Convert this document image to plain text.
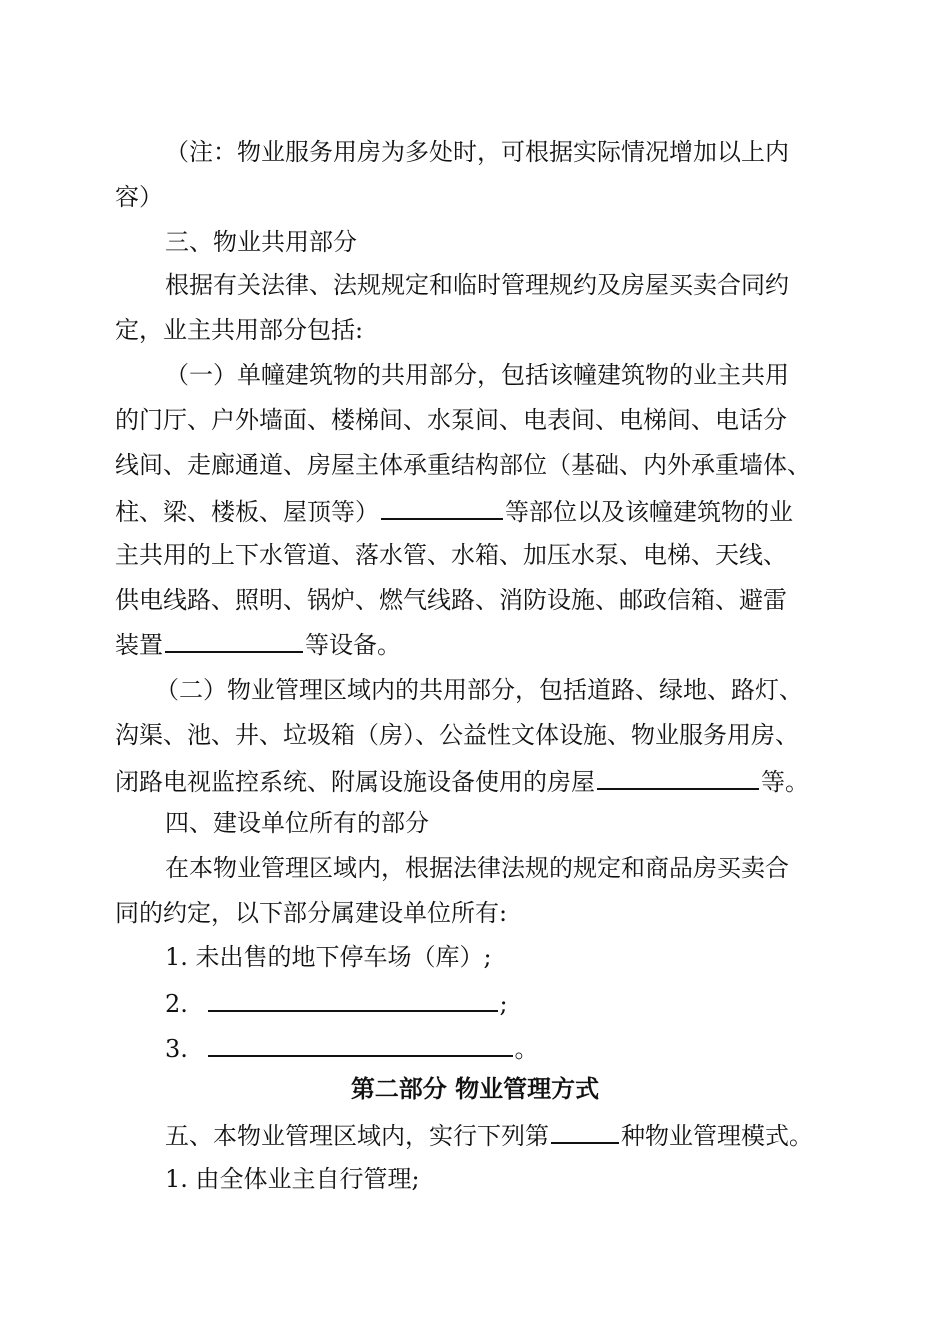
（注：物业服务用房为多处时，可根据实际情况增加以上内
容）
三、物业共用部分
根据有关法律、法规规定和临时管理规约及房屋买卖合同约
定，业主共用部分包括:
（一）单幢建筑物的共用部分，包括该幢建筑物的业主共用
的门厅、户外墙面、楼梯间、水泵间、电表间、电梯间、电话分
线间、走廊通道、房屋主体承重结构部位（基础、内外承重墙体、
柱、梁、楼板、屋顶等）	等部位以及该幢建筑物的业
主共用的上下水管道、落水管、水箱、加压水泵、电梯、天线、
供电线路、照明、锅炉、燃气线路、消防设施、邮政信箱、避雷
装置	等设备。
（二）物业管理区域内的共用部分，包括道路、绿地、路灯、
沟渠、池、井、垃圾箱（房）、公益性文体设施、物业服务用房、
闭路电视监控系统、附属设施设备使用的房屋	等。
四、建设单位所有的部分
在本物业管理区域内，根据法律法规的规定和商品房买卖合
同的约定，以下部分属建设单位所有:
1. 未出售的地下停车场（库）;
2.	;
3.	。
第二部分 物业管理方式
五、本物业管理区域内，实行下列第	种物业管理模式。
1. 由全体业主自行管理;
